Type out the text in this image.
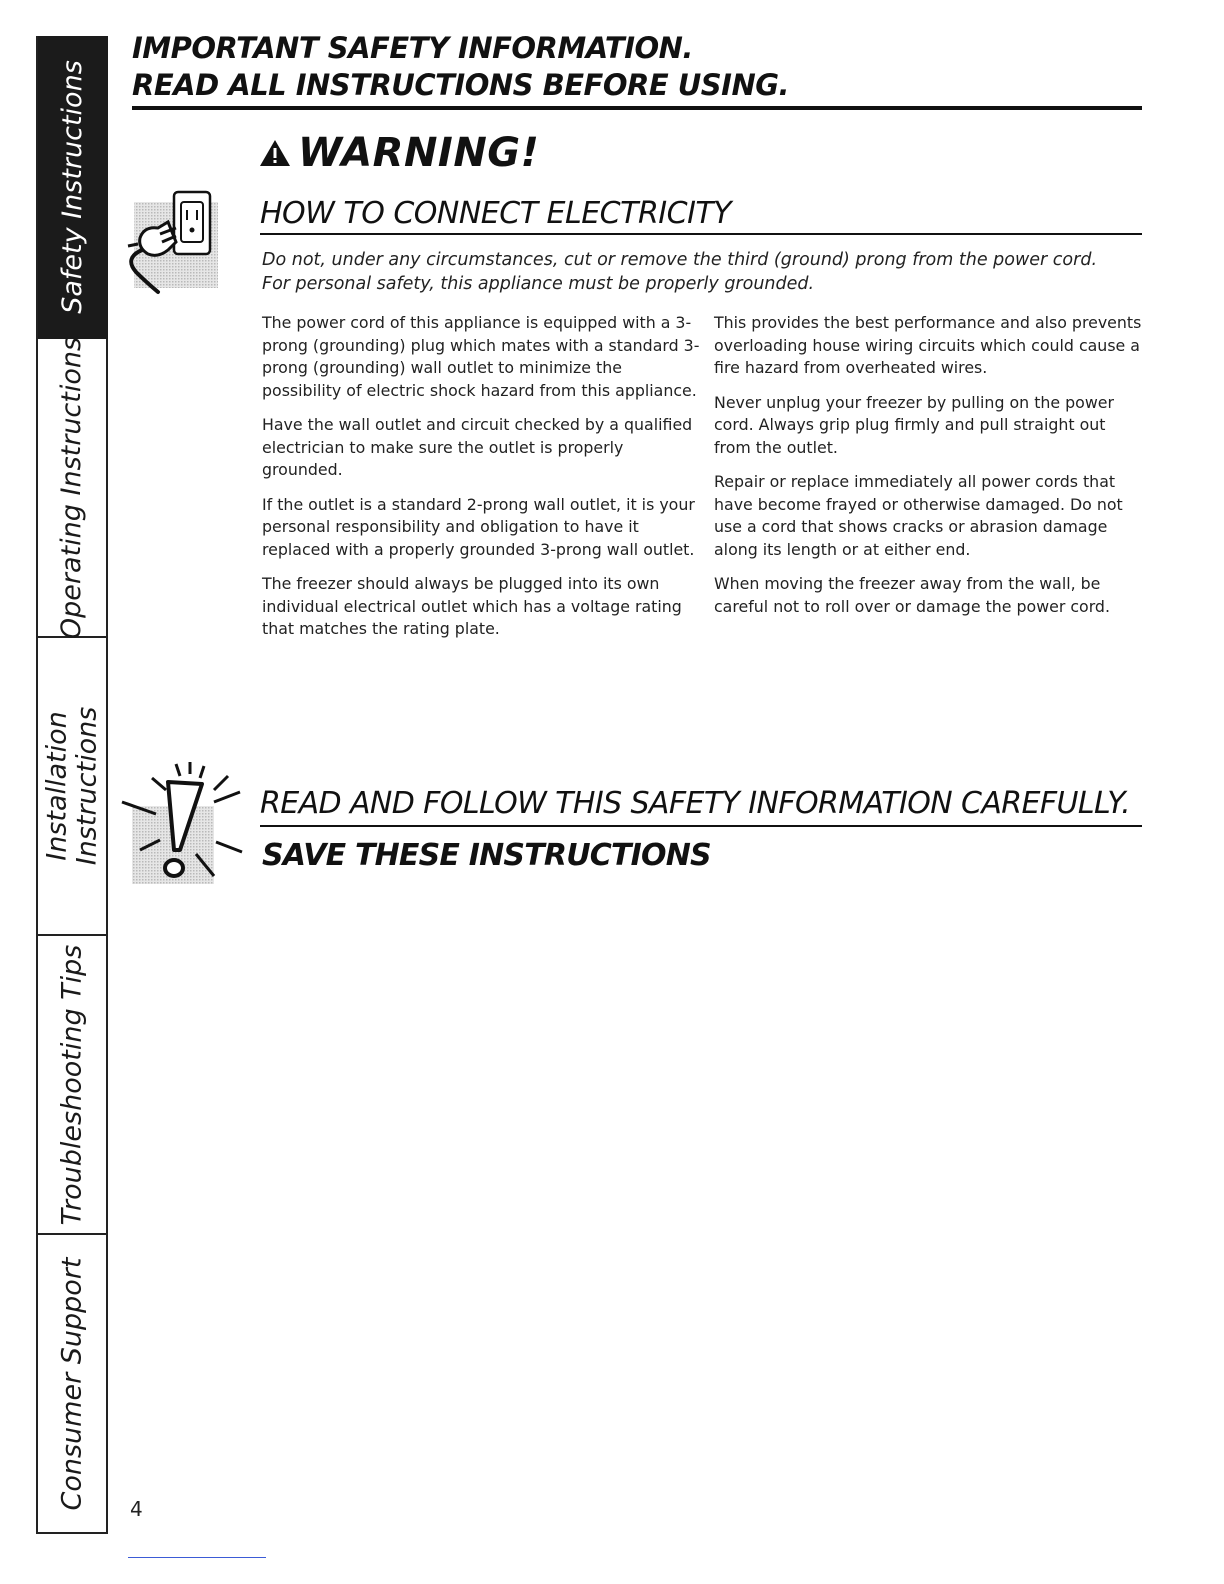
Safety Instructions
Operating Instructions
Installation Instructions
Troubleshooting Tips
Consumer Support
IMPORTANT SAFETY INFORMATION.
READ ALL INSTRUCTIONS BEFORE USING.
WARNING!
HOW TO CONNECT ELECTRICITY
Do not, under any circumstances, cut or remove the third (ground) prong from the power cord.
For personal safety, this appliance must be properly grounded.

The power cord of this appliance is equipped with a 3-prong (grounding) plug which mates with a standard 3-prong (grounding) wall outlet to minimize the possibility of electric shock hazard from this appliance.

Have the wall outlet and circuit checked by a qualified electrician to make sure the outlet is properly grounded.

If the outlet is a standard 2-prong wall outlet, it is your personal responsibility and obligation to have it replaced with a properly grounded 3-prong wall outlet.

The freezer should always be plugged into its own individual electrical outlet which has a voltage rating that matches the rating plate.

This provides the best performance and also prevents overloading house wiring circuits which could cause a fire hazard from overheated wires.

Never unplug your freezer by pulling on the power cord. Always grip plug firmly and pull straight out from the outlet.

Repair or replace immediately all power cords that have become frayed or otherwise damaged. Do not use a cord that shows cracks or abrasion damage along its length or at either end.

When moving the freezer away from the wall, be careful not to roll over or damage the power cord.

READ AND FOLLOW THIS SAFETY INFORMATION CAREFULLY.
SAVE THESE INSTRUCTIONS
4
